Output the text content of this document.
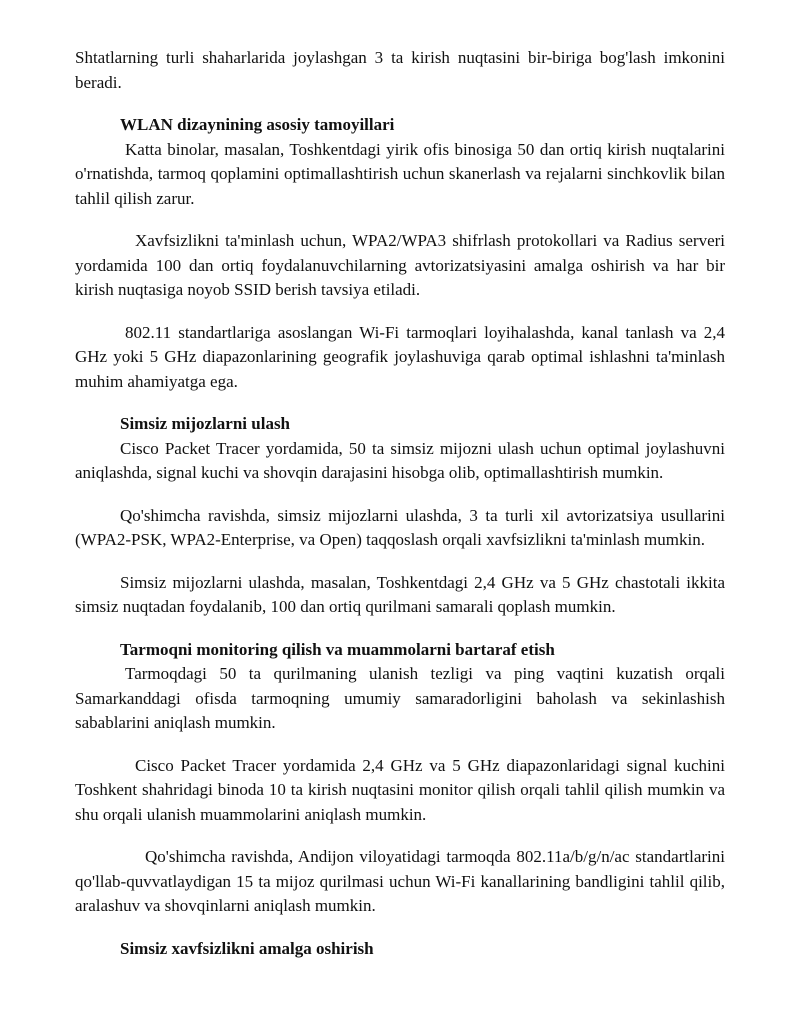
Shtatlarning turli shaharlarida joylashgan 3 ta kirish nuqtasini bir-biriga bog'lash imkonini beradi.

WLAN dizaynining asosiy tamoyillari

Katta binolar, masalan, Toshkentdagi yirik ofis binosiga 50 dan ortiq kirish nuqtalarini o'rnatishda, tarmoq qoplamini optimallashtirish uchun skanerlash va rejalarni sinchkovlik bilan tahlil qilish zarur.

Xavfsizlikni ta'minlash uchun, WPA2/WPA3 shifrlash protokollari va Radius serveri yordamida 100 dan ortiq foydalanuvchilarning avtorizatsiyasini amalga oshirish va har bir kirish nuqtasiga noyob SSID berish tavsiya etiladi.

802.11 standartlariga asoslangan Wi-Fi tarmoqlari loyihalashda, kanal tanlash va 2,4 GHz yoki 5 GHz diapazonlarining geografik joylashuviga qarab optimal ishlashni ta'minlash muhim ahamiyatga ega.

Simsiz mijozlarni ulash

Cisco Packet Tracer yordamida, 50 ta simsiz mijozni ulash uchun optimal joylashuvni aniqlashda, signal kuchi va shovqin darajasini hisobga olib, optimallashtirish mumkin.

Qo'shimcha ravishda, simsiz mijozlarni ulashda, 3 ta turli xil avtorizatsiya usullarini (WPA2-PSK, WPA2-Enterprise, va Open) taqqoslash orqali xavfsizlikni ta'minlash mumkin.

Simsiz mijozlarni ulashda, masalan, Toshkentdagi 2,4 GHz va 5 GHz chastotali ikkita simsiz nuqtadan foydalanib, 100 dan ortiq qurilmani samarali qoplash mumkin.

Tarmoqni monitoring qilish va muammolarni bartaraf etish

Tarmoqdagi 50 ta qurilmaning ulanish tezligi va ping vaqtini kuzatish orqali Samarkanddagi ofisda tarmoqning umumiy samaradorligini baholash va sekinlashish sabablarini aniqlash mumkin.

Cisco Packet Tracer yordamida 2,4 GHz va 5 GHz diapazonlaridagi signal kuchini Toshkent shahridagi binoda 10 ta kirish nuqtasini monitor qilish orqali tahlil qilish mumkin va shu orqali ulanish muammolarini aniqlash mumkin.

Qo'shimcha ravishda, Andijon viloyatidagi tarmoqda 802.11a/b/g/n/ac standartlarini qo'llab-quvvatlaydigan 15 ta mijoz qurilmasi uchun Wi-Fi kanallarining bandligini tahlil qilib, aralashuv va shovqinlarni aniqlash mumkin.

Simsiz xavfsizlikni amalga oshirish
